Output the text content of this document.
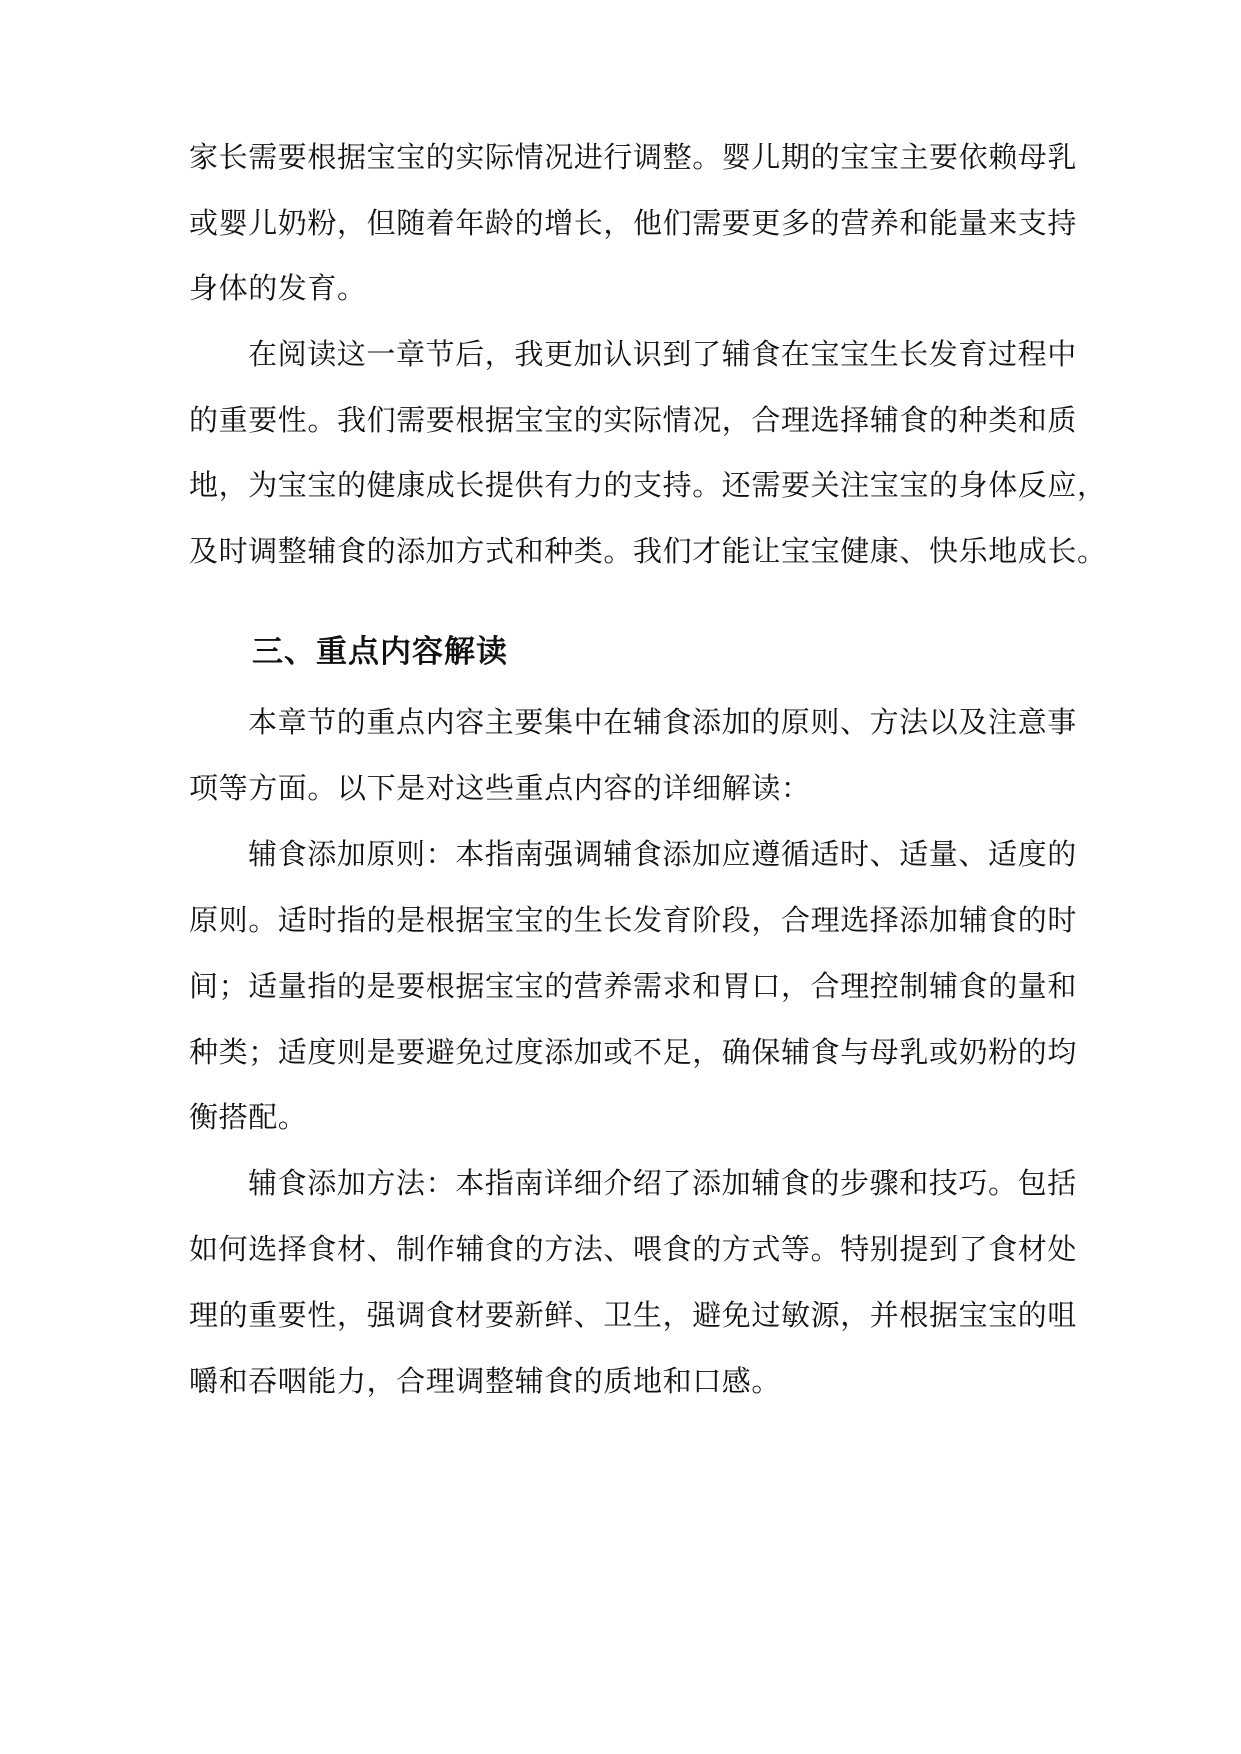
家长需要根据宝宝的实际情况进行调整。婴儿期的宝宝主要依赖母乳
或婴儿奶粉，但随着年龄的增长，他们需要更多的营养和能量来支持
身体的发育。
在阅读这一章节后，我更加认识到了辅食在宝宝生长发育过程中
的重要性。我们需要根据宝宝的实际情况，合理选择辅食的种类和质
地，为宝宝的健康成长提供有力的支持。还需要关注宝宝的身体反应，
及时调整辅食的添加方式和种类。我们才能让宝宝健康、快乐地成长。
三、重点内容解读
本章节的重点内容主要集中在辅食添加的原则、方法以及注意事
项等方面。以下是对这些重点内容的详细解读：
辅食添加原则：本指南强调辅食添加应遵循适时、适量、适度的
原则。适时指的是根据宝宝的生长发育阶段，合理选择添加辅食的时
间；适量指的是要根据宝宝的营养需求和胃口，合理控制辅食的量和
种类；适度则是要避免过度添加或不足，确保辅食与母乳或奶粉的均
衡搭配。
辅食添加方法：本指南详细介绍了添加辅食的步骤和技巧。包括
如何选择食材、制作辅食的方法、喂食的方式等。特别提到了食材处
理的重要性，强调食材要新鲜、卫生，避免过敏源，并根据宝宝的咀
嚼和吞咽能力，合理调整辅食的质地和口感。
